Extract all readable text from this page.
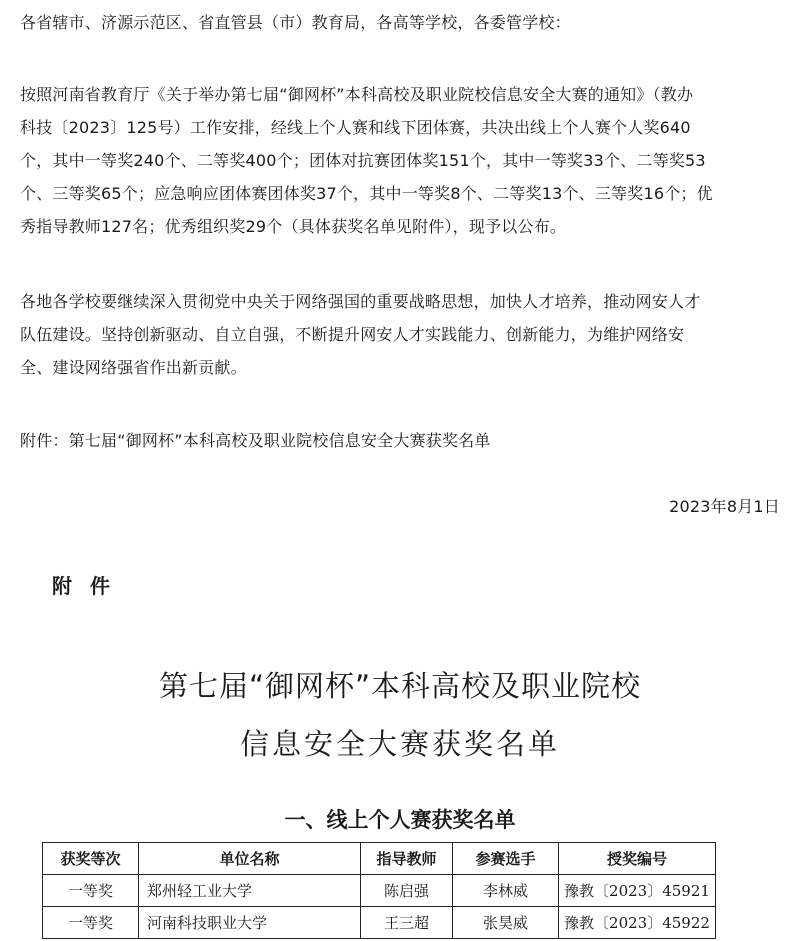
各省辖市、济源示范区、省直管县（市）教育局，各高等学校，各委管学校：
按照河南省教育厅《关于举办第七届“御网杯”本科高校及职业院校信息安全大赛的通知》（教办
科技〔2023〕125号）工作安排，经线上个人赛和线下团体赛，共决出线上个人赛个人奖640
个，其中一等奖240个、二等奖400个；团体对抗赛团体奖151个，其中一等奖33个、二等奖53
个、三等奖65个；应急响应团体赛团体奖37个，其中一等奖8个、二等奖13个、三等奖16个；优
秀指导教师127名；优秀组织奖29个（具体获奖名单见附件），现予以公布。
各地各学校要继续深入贯彻党中央关于网络强国的重要战略思想，加快人才培养，推动网安人才
队伍建设。坚持创新驱动、自立自强，不断提升网安人才实践能力、创新能力，为维护网络安
全、建设网络强省作出新贡献。
附件：第七届“御网杯”本科高校及职业院校信息安全大赛获奖名单
2023年8月1日
附件
第七届“御网杯”本科高校及职业院校
信息安全大赛获奖名单
一、线上个人赛获奖名单
获奖等次	单位名称	指导教师	参赛选手	授奖编号
一等奖	郑州轻工业大学	陈启强	李林威	豫教〔2023〕45921
一等奖	河南科技职业大学	王三超	张昊威	豫教〔2023〕45922
